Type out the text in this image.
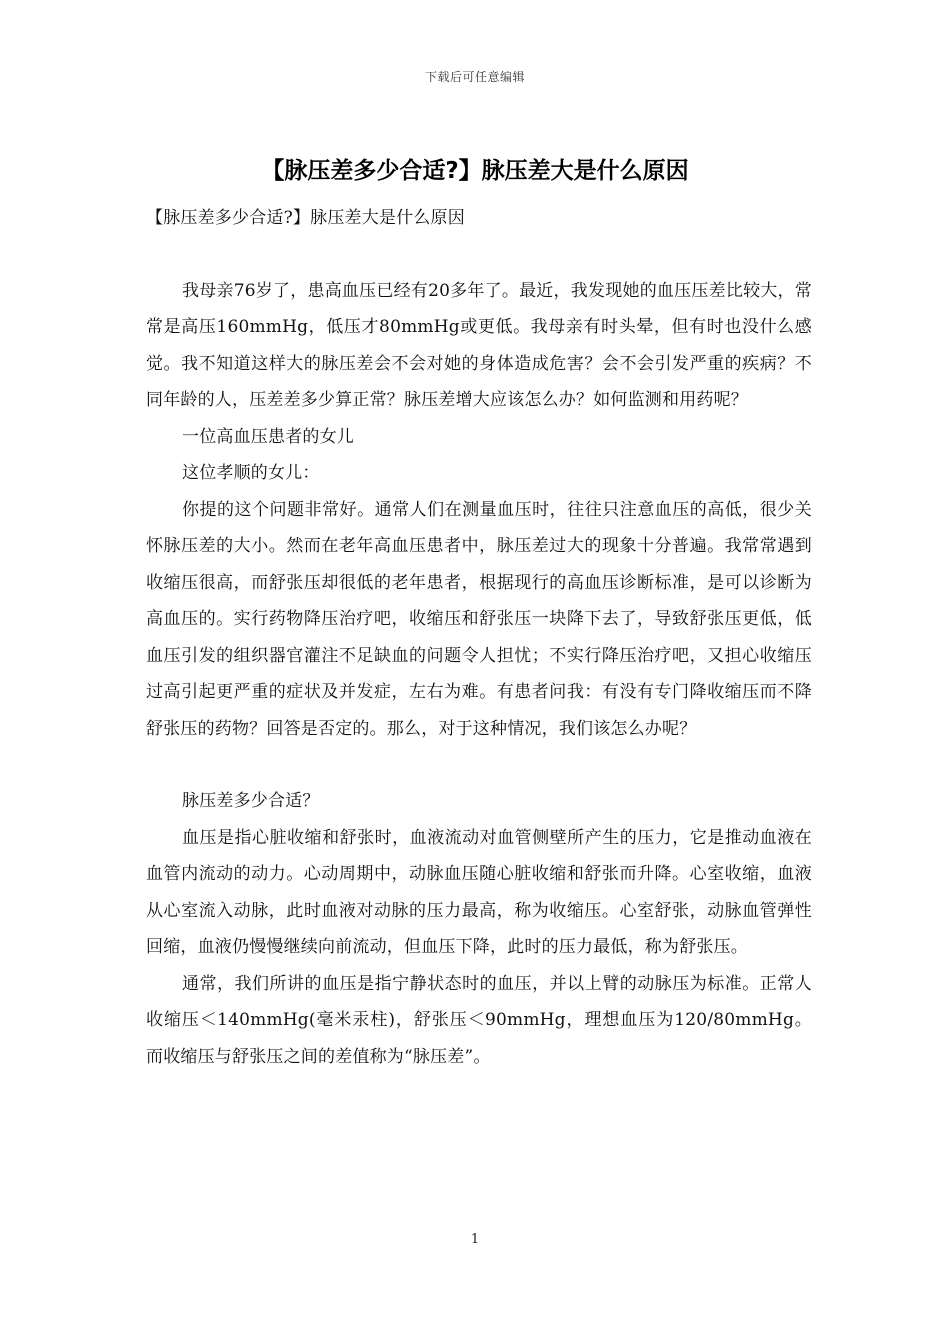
下载后可任意编辑
【脉压差多少合适?】脉压差大是什么原因

【脉压差多少合适?】脉压差大是什么原因

我母亲76岁了，患高血压已经有20多年了。最近，我发现她的血压压差比较大，常常是高压160mmHg，低压才80mmHg或更低。我母亲有时头晕，但有时也没什么感觉。我不知道这样大的脉压差会不会对她的身体造成危害？会不会引发严重的疾病？不同年龄的人，压差差多少算正常？脉压差增大应该怎么办？如何监测和用药呢？

一位高血压患者的女儿

这位孝顺的女儿：

你提的这个问题非常好。通常人们在测量血压时，往往只注意血压的高低，很少关怀脉压差的大小。然而在老年高血压患者中，脉压差过大的现象十分普遍。我常常遇到收缩压很高，而舒张压却很低的老年患者，根据现行的高血压诊断标准，是可以诊断为高血压的。实行药物降压治疗吧，收缩压和舒张压一块降下去了，导致舒张压更低，低血压引发的组织器官灌注不足缺血的问题令人担忧；不实行降压治疗吧，又担心收缩压过高引起更严重的症状及并发症，左右为难。有患者问我：有没有专门降收缩压而不降舒张压的药物？回答是否定的。那么，对于这种情况，我们该怎么办呢？

脉压差多少合适？

血压是指心脏收缩和舒张时，血液流动对血管侧壁所产生的压力，它是推动血液在血管内流动的动力。心动周期中，动脉血压随心脏收缩和舒张而升降。心室收缩，血液从心室流入动脉，此时血液对动脉的压力最高，称为收缩压。心室舒张，动脉血管弹性回缩，血液仍慢慢继续向前流动，但血压下降，此时的压力最低，称为舒张压。

通常，我们所讲的血压是指宁静状态时的血压，并以上臂的动脉压为标准。正常人收缩压＜140mmHg(毫米汞柱)，舒张压＜90mmHg，理想血压为120/80mmHg。而收缩压与舒张压之间的差值称为“脉压差”。

1
